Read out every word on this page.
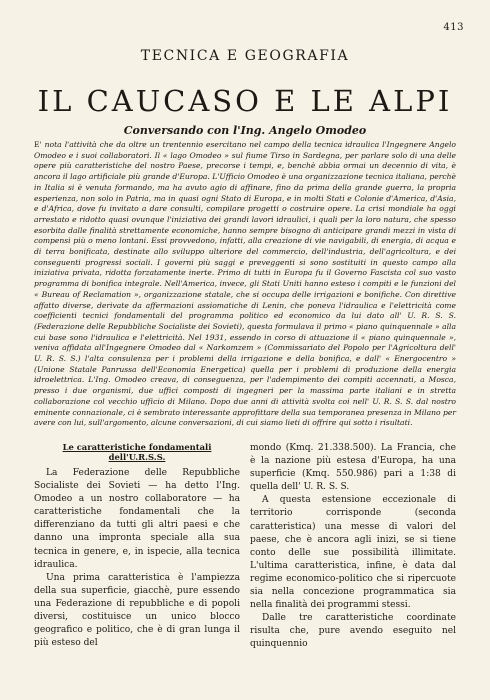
413
TECNICA E GEOGRAFIA
IL CAUCASO E LE ALPI
Conversando con l'Ing. Angelo Omodeo

E' nota l'attività che da oltre un trentennio esercitano nel campo della tecnica idraulica l'Ingegnere Angelo Omodeo e i suoi collaboratori. Il « lago Omodeo » sul fiume Tirso in Sardegna, per parlare solo di una delle opere più caratteristiche del nostro Paese, precorse i tempi, e, benchè abbia ormai un decennio di vita, è ancora il lago artificiale più grande d'Europa. L'Ufficio Omodeo è una organizzazione tecnica italiana, perchè in Italia si è venuta formando, ma ha avuto agio di affinare, fino da prima della grande guerra, la propria esperienza, non solo in Patria, ma in quasi ogni Stato di Europa, e in molti Stati e Colonie d'America, d'Asia, e d'Africa, dove fu invitato a dare consulti, compilare progetti o costruire opere. La crisi mondiale ha oggi arrestato e ridotto quasi ovunque l'iniziativa dei grandi lavori idraulici, i quali per la loro natura, che spesso esorbita dalle finalità strettamente economiche, hanno sempre bisogno di anticipare grandi mezzi in vista di compensi più o meno lontani. Essi provvedono, infatti, alla creazione di vie navigabili, di energia, di acqua e di terra bonificata, destinate allo sviluppo ulteriore del commercio, dell'industria, dell'agricoltura, e dei conseguenti progressi sociali. I governi più saggi e preveggenti si sono sostituiti in questo campo alla iniziativa privata, ridotta forzatamente inerte. Primo di tutti in Europa fu il Governo Fascista col suo vasto programma di bonifica integrale. Nell'America, invece, gli Stati Uniti hanno esteso i compiti e le funzioni del « Bureau of Reclamation », organizzazione statale, che si occupa delle irrigazioni e bonifiche. Con direttive affatto diverse, derivate da affermazioni assiomatiche di Lenin, che poneva l'idraulica e l'elettricità come coefficienti tecnici fondamentali del programma politico ed economico da lui dato all' U. R. S. S. (Federazione delle Repubbliche Socialiste dei Sovieti), questa formulava il primo « piano quinquennale » alla cui base sono l'idraulica e l'elettricità. Nel 1931, essendo in corso di attuazione il « piano quinquennale », veniva affidata all'Ingegnere Omodeo dal « Narkomzem » (Commissariato del Popolo per l'Agricoltura dell' U. R. S. S.) l'alta consulenza per i problemi della irrigazione e della bonifica, e dall' « Energocentro » (Unione Statale Panrussa dell'Economia Energetica) quella per i problemi di produzione della energia idroelettrica. L'Ing. Omodeo creava, di conseguenza, per l'adempimento dei compiti accennati, a Mosca, presso i due organismi, due uffici composti di ingegneri per la massima parte italiani e in stretta collaborazione col vecchio ufficio di Milano. Dopo due anni di attività svolta coi nell' U. R. S. S. dal nostro eminente connazionale, ci è sembrato interessante approfittare della sua temporanea presenza in Milano per avere con lui, sull'argomento, alcune conversazioni, di cui siamo lieti di offrire qui sotto i risultati.

Le caratteristiche fondamentali dell'U.R.S.S.

La Federazione delle Repubbliche Socialiste dei Sovieti — ha detto l'Ing. Omodeo a un nostro collaboratore — ha caratteristiche fondamentali che la differenziano da tutti gli altri paesi e che danno una impronta speciale alla sua tecnica in genere, e, in ispecie, alla tecnica idraulica.

Una prima caratteristica è l'ampiezza della sua superficie, giacchè, pure essendo una Federazione di repubbliche e di popoli diversi, costituisce un unico blocco geografico e politico, che è di gran lunga il più esteso del

mondo (Kmq. 21.338.500). La Francia, che è la nazione più estesa d'Europa, ha una superficie (Kmq. 550.986) pari a 1:38 di quella dell' U. R. S. S.

A questa estensione eccezionale di territorio corrisponde (seconda caratteristica) una messe di valori del paese, che è ancora agli inizi, se si tiene conto delle sue possibilità illimitate. L'ultima caratteristica, infine, è data dal regime economico-politico che si ripercuote sia nella concezione programmatica sia nella finalità dei programmi stessi.

Dalle tre caratteristiche coordinate risulta che, pure avendo eseguito nel quinquennio
